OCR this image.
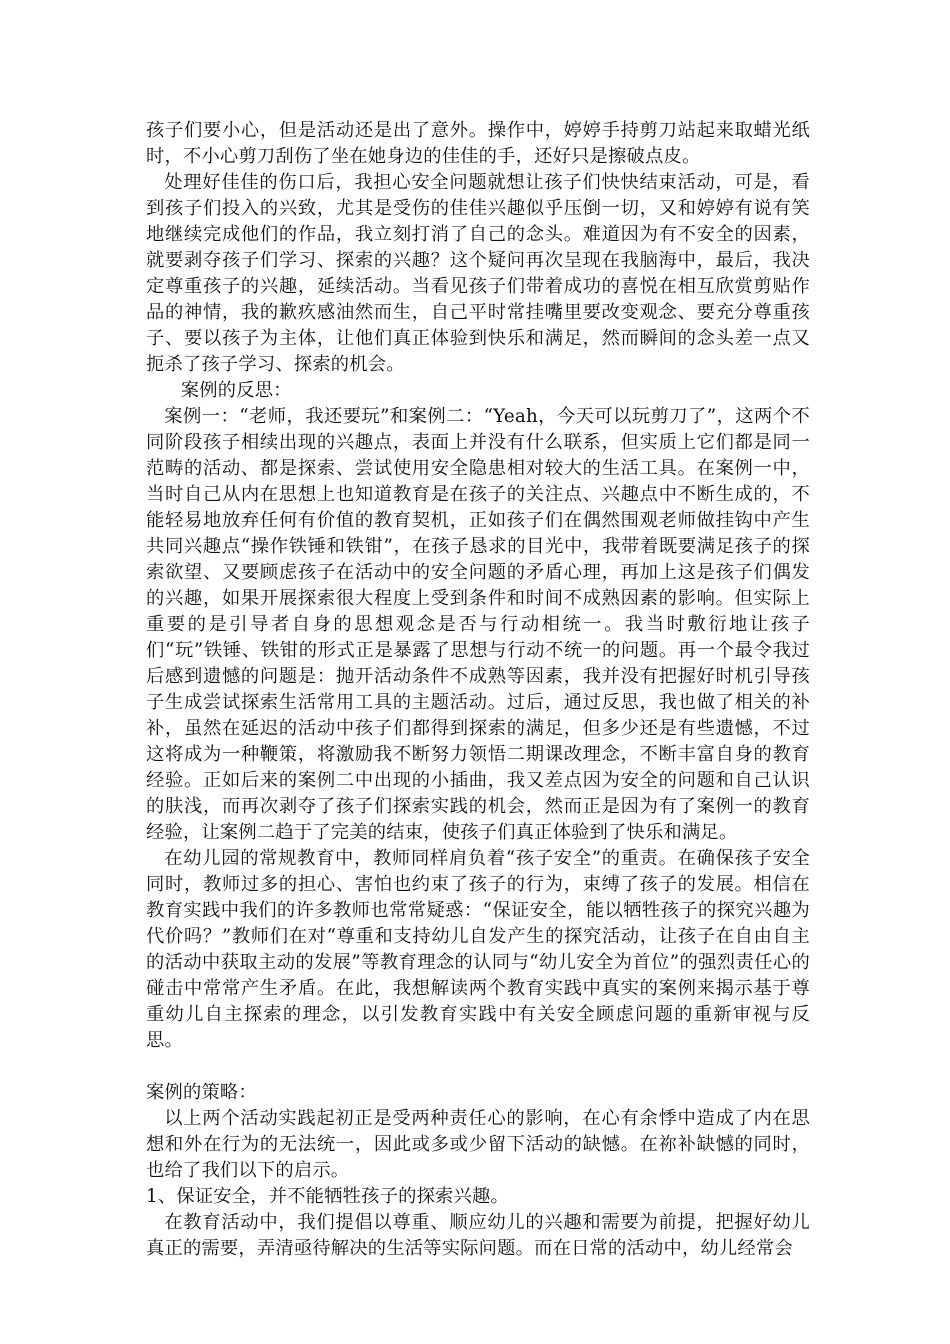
孩子们要小心，但是活动还是出了意外。操作中，婷婷手持剪刀站起来取蜡光纸时，不小心剪刀刮伤了坐在她身边的佳佳的手，还好只是擦破点皮。

处理好佳佳的伤口后，我担心安全问题就想让孩子们快快结束活动，可是，看到孩子们投入的兴致，尤其是受伤的佳佳兴趣似乎压倒一切，又和婷婷有说有笑地继续完成他们的作品，我立刻打消了自己的念头。难道因为有不安全的因素，就要剥夺孩子们学习、探索的兴趣？这个疑问再次呈现在我脑海中，最后，我决定尊重孩子的兴趣，延续活动。当看见孩子们带着成功的喜悦在相互欣赏剪贴作品的神情，我的歉疚感油然而生，自己平时常挂嘴里要改变观念、要充分尊重孩子、要以孩子为主体，让他们真正体验到快乐和满足，然而瞬间的念头差一点又扼杀了孩子学习、探索的机会。

案例的反思：

案例一：“老师，我还要玩”和案例二：“Yeah，今天可以玩剪刀了”，这两个不同阶段孩子相续出现的兴趣点，表面上并没有什么联系，但实质上它们都是同一范畴的活动、都是探索、尝试使用安全隐患相对较大的生活工具。在案例一中，当时自己从内在思想上也知道教育是在孩子的关注点、兴趣点中不断生成的，不能轻易地放弃任何有价值的教育契机，正如孩子们在偶然围观老师做挂钩中产生共同兴趣点“操作铁锤和铁钳”，在孩子恳求的目光中，我带着既要满足孩子的探索欲望、又要顾虑孩子在活动中的安全问题的矛盾心理，再加上这是孩子们偶发的兴趣，如果开展探索很大程度上受到条件和时间不成熟因素的影响。但实际上重要的是引导者自身的思想观念是否与行动相统一。我当时敷衍地让孩子们“玩”铁锤、铁钳的形式正是暴露了思想与行动不统一的问题。再一个最令我过后感到遗憾的问题是：抛开活动条件不成熟等因素，我并没有把握好时机引导孩子生成尝试探索生活常用工具的主题活动。过后，通过反思，我也做了相关的补补，虽然在延迟的活动中孩子们都得到探索的满足，但多少还是有些遗憾，不过这将成为一种鞭策，将激励我不断努力领悟二期课改理念，不断丰富自身的教育经验。正如后来的案例二中出现的小插曲，我又差点因为安全的问题和自己认识的肤浅，而再次剥夺了孩子们探索实践的机会，然而正是因为有了案例一的教育经验，让案例二趋于了完美的结束，使孩子们真正体验到了快乐和满足。

在幼儿园的常规教育中，教师同样肩负着“孩子安全”的重责。在确保孩子安全同时，教师过多的担心、害怕也约束了孩子的行为，束缚了孩子的发展。相信在教育实践中我们的许多教师也常常疑惑：“保证安全，能以牺牲孩子的探究兴趣为代价吗？”教师们在对“尊重和支持幼儿自发产生的探究活动，让孩子在自由自主的活动中获取主动的发展”等教育理念的认同与“幼儿安全为首位”的强烈责任心的碰击中常常产生矛盾。在此，我想解读两个教育实践中真实的案例来揭示基于尊重幼儿自主探索的理念，以引发教育实践中有关安全顾虑问题的重新审视与反思。

案例的策略：

以上两个活动实践起初正是受两种责任心的影响，在心有余悸中造成了内在思想和外在行为的无法统一，因此或多或少留下活动的缺憾。在祢补缺憾的同时，也给了我们以下的启示。

1、保证安全，并不能牺牲孩子的探索兴趣。

在教育活动中，我们提倡以尊重、顺应幼儿的兴趣和需要为前提，把握好幼儿真正的需要，弄清亟待解决的生活等实际问题。而在日常的活动中，幼儿经常会
